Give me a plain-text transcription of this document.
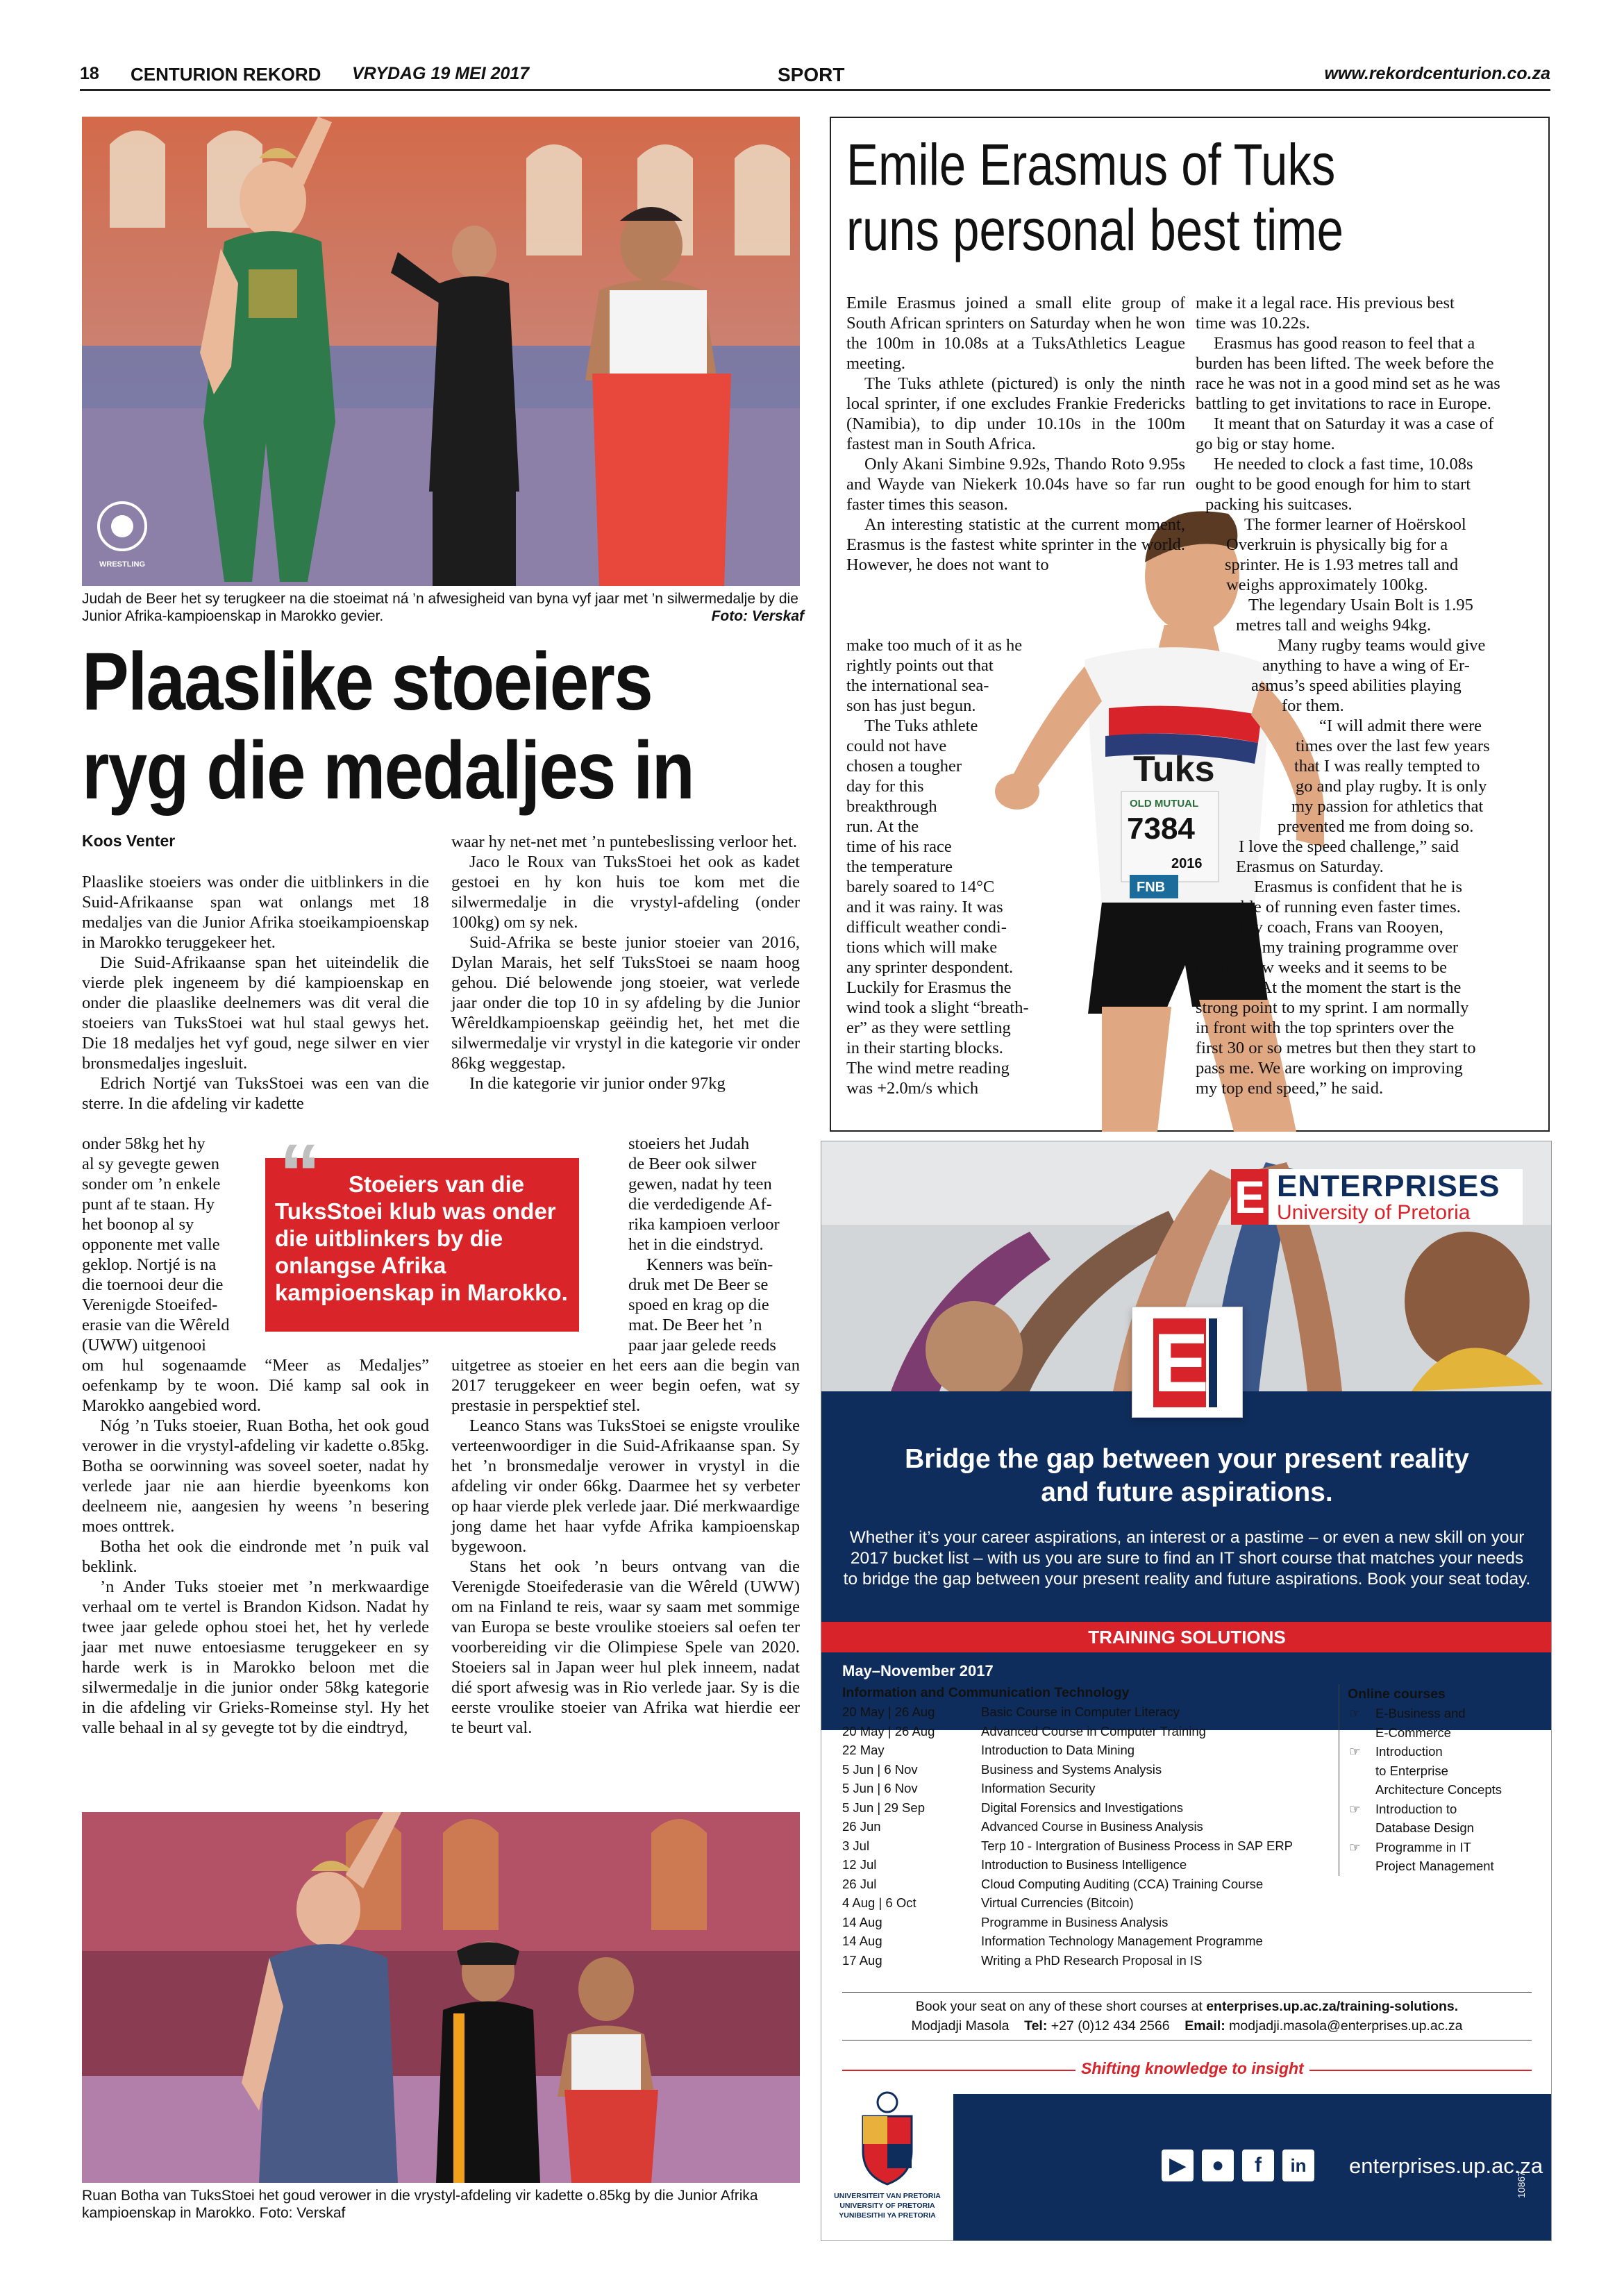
18 CENTURION REKORD VRYDAG 19 MEI 2017	SPORT	www.rekordcenturion.co.za
WRESTLING
Judah de Beer het sy terugkeer na die stoeimat ná ’n afwesigheid van byna vyf jaar met ’n silwermedalje by die Junior Afrika-kampioenskap in Marokko gevier.	Foto: Verskaf
Plaaslike stoeiers
ryg die medaljes in
Koos Venter

Plaaslike stoeiers was onder die uitblinkers in die Suid-Afrikaanse span wat onlangs met 18 medaljes van die Junior Afrika stoeikampioenskap in Marokko teruggekeer het.

Die Suid-Afrikaanse span het uiteindelik die vierde plek ingeneem by dié kampioenskap en onder die plaaslike deelnemers was dit veral die stoeiers van TuksStoei wat hul staal gewys het. Die 18 medaljes het vyf goud, nege silwer en vier bronsmedaljes ingesluit.

Edrich Nortjé van TuksStoei was een van die sterre. In die afdeling vir kadette

onder 58kg het hy

al sy gevegte gewen

sonder om ’n enkele

punt af te staan. Hy

het boonop al sy

opponente met valle

geklop. Nortjé is na

die toernooi deur die

Verenigde Stoeifed-

erasie van die Wêreld

(UWW) uitgenooi

om hul sogenaamde “Meer as Medaljes” oefenkamp by te woon. Dié kamp sal ook in Marokko aangebied word.

Nóg ’n Tuks stoeier, Ruan Botha, het ook goud verower in die vrystyl-afdeling vir kadette o.85kg. Botha se oorwinning was soveel soeter, nadat hy verlede jaar nie aan hierdie byeenkoms kon deelneem nie, aangesien hy weens ’n besering moes onttrek.

Botha het ook die eindronde met ’n puik val beklink.

’n Ander Tuks stoeier met ’n merkwaardige verhaal om te vertel is Brandon Kidson. Nadat hy twee jaar gelede ophou stoei het, het hy verlede jaar met nuwe entoesiasme teruggekeer en sy harde werk is in Marokko beloon met die silwermedalje in die junior onder 58kg kategorie in die afdeling vir Grieks-Romeinse styl. Hy het valle behaal in al sy gevegte tot by die eindtryd,

“	Stoeiers van die TuksStoei klub was onder die uitblinkers by die onlangse Afrika kampioenskap in Marokko.

waar hy net-net met ’n puntebeslissing verloor het.

Jaco le Roux van TuksStoei het ook as kadet gestoei en hy kon huis toe kom met die silwermedalje in die vrystyl-afdeling (onder 100kg) om sy nek.

Suid-Afrika se beste junior stoeier van 2016, Dylan Marais, het self TuksStoei se naam hoog gehou. Dié belowende jong stoeier, wat verlede jaar onder die top 10 in sy afdeling by die Junior Wêreldkampioenskap geëindig het, het met die silwermedalje vir vrystyl in die kategorie vir onder 86kg weggestap.

In die kategorie vir junior onder 97kg

stoeiers het Judah

de Beer ook silwer

gewen, nadat hy teen

die verdedigende Af-

rika kampioen verloor

het in die eindstryd.

Kenners was beïn-

druk met De Beer se

spoed en krag op die

mat. De Beer het ’n

paar jaar gelede reeds

uitgetree as stoeier en het eers aan die begin van 2017 teruggekeer en weer begin oefen, wat sy prestasie in perspektief stel.

Leanco Stans was TuksStoei se enigste vroulike verteenwoordiger in die Suid-Afrikaanse span. Sy het ’n bronsmedalje verower in vrystyl in die afdeling vir onder 66kg. Daarmee het sy verbeter op haar vierde plek verlede jaar. Dié merkwaardige jong dame het haar vyfde Afrika kampioenskap bygewoon.

Stans het ook ’n beurs ontvang van die Verenigde Stoeifederasie van die Wêreld (UWW) om na Finland te reis, waar sy saam met sommige van Europa se beste vroulike stoeiers sal oefen ter voorbereiding vir die Olimpiese Spele van 2020. Stoeiers sal in Japan weer hul plek inneem, nadat dié sport afwesig was in Rio verlede jaar. Sy is die eerste vroulike stoeier van Afrika wat hierdie eer te beurt val.

Ruan Botha van TuksStoei het goud verower in die vrystyl-afdeling vir kadette o.85kg by die Junior Afrika kampioenskap in Marokko. Foto: Verskaf
Emile Erasmus of Tuks
runs personal best time
Tuks
OLD MUTUAL
7384
2016
FNB

Emile Erasmus joined a small elite group of South African sprinters on Saturday when he won the 100m in 10.08s at a TuksAthletics League meeting.

The Tuks athlete (pictured) is only the ninth local sprinter, if one excludes Frankie Fredericks (Namibia), to dip under 10.10s in the 100m fastest man in South Africa.

Only Akani Simbine 9.92s, Thando Roto 9.95s and Wayde van Niekerk 10.04s have so far run faster times this season.

An interesting statistic at the current moment, Erasmus is the fastest white sprinter in the world. However, he does not want to

make too much of it as he

rightly points out that

the international sea-

son has just begun.

The Tuks athlete

could not have

chosen a tougher

day for this

breakthrough

run. At the

time of his race

the temperature

barely soared to 14°C

and it was rainy. It was

difficult weather condi-

tions which will make

any sprinter despondent.

Luckily for Erasmus the

wind took a slight “breath-

er” as they were settling

in their starting blocks.

The wind metre reading

was +2.0m/s which

make it a legal race. His previous best

time was 10.22s.

Erasmus has good reason to feel that a

burden has been lifted. The week before the

race he was not in a good mind set as he was

battling to get invitations to race in Europe.

It meant that on Saturday it was a case of

go big or stay home.

He needed to clock a fast time, 10.08s

ought to be good enough for him to start

packing his suitcases.

The former learner of Hoërskool

Overkruin is physically big for a

sprinter. He is 1.93 metres tall and

weighs approximately 100kg.

The legendary Usain Bolt is 1.95

metres tall and weighs 94kg.

Many rugby teams would give

anything to have a wing of Er-

asmus’s speed abilities playing

for them.

“I will admit there were

times over the last few years

that I was really tempted to

go and play rugby. It is only

my passion for athletics that

prevented me from doing so.

I love the speed challenge,” said

Erasmus on Saturday.

Erasmus is confident that he is

capable of running even faster times.

“My coach, Frans van Rooyen,

changed my training programme over

the last few weeks and it seems to be

working. At the moment the start is the

strong point to my sprint. I am normally

in front with the top sprinters over the

first 30 or so metres but then they start to

pass me. We are working on improving

my top end speed,” he said.

E ENTERPRISES
University of Pretoria
E
Bridge the gap between your present reality
and future aspirations.
Whether it’s your career aspirations, an interest or a pastime – or even a new skill on your 2017 bucket list – with us you are sure to find an IT short course that matches your needs to bridge the gap between your present reality and future aspirations. Book your seat today.
TRAINING SOLUTIONS
May–November 2017
Information and Communication Technology
20 May | 26 Aug	Basic Course in Computer Literacy
20 May | 26 Aug	Advanced Course in Computer Training
22 May	Introduction to Data Mining
5 Jun | 6 Nov	Business and Systems Analysis
5 Jun | 6 Nov	Information Security
5 Jun | 29 Sep	Digital Forensics and Investigations
26 Jun	Advanced Course in Business Analysis
3 Jul	Terp 10 - Intergration of Business Process in SAP ERP
12 Jul	Introduction to Business Intelligence
26 Jul	Cloud Computing Auditing (CCA) Training Course
4 Aug | 6 Oct	Virtual Currencies (Bitcoin)
14 Aug	Programme in Business Analysis
14 Aug	Information Technology Management Programme
17 Aug	Writing a PhD Research Proposal in IS
Online courses
☞ E-Business and
E-Commerce
☞ Introduction
to Enterprise
Architecture Concepts
☞ Introduction to
Database Design
☞ Programme in IT
Project Management
Book your seat on any of these short courses at enterprises.up.ac.za/training-solutions.
Modjadji Masola Tel: +27 (0)12 434 2566 Email: modjadji.masola@enterprises.up.ac.za
Shifting knowledge to insight
UNIVERSITEIT VAN PRETORIA
UNIVERSITY OF PRETORIA
YUNIBESITHI YA PRETORIA
▶	●	f	in	enterprises.up.ac.za
10867
